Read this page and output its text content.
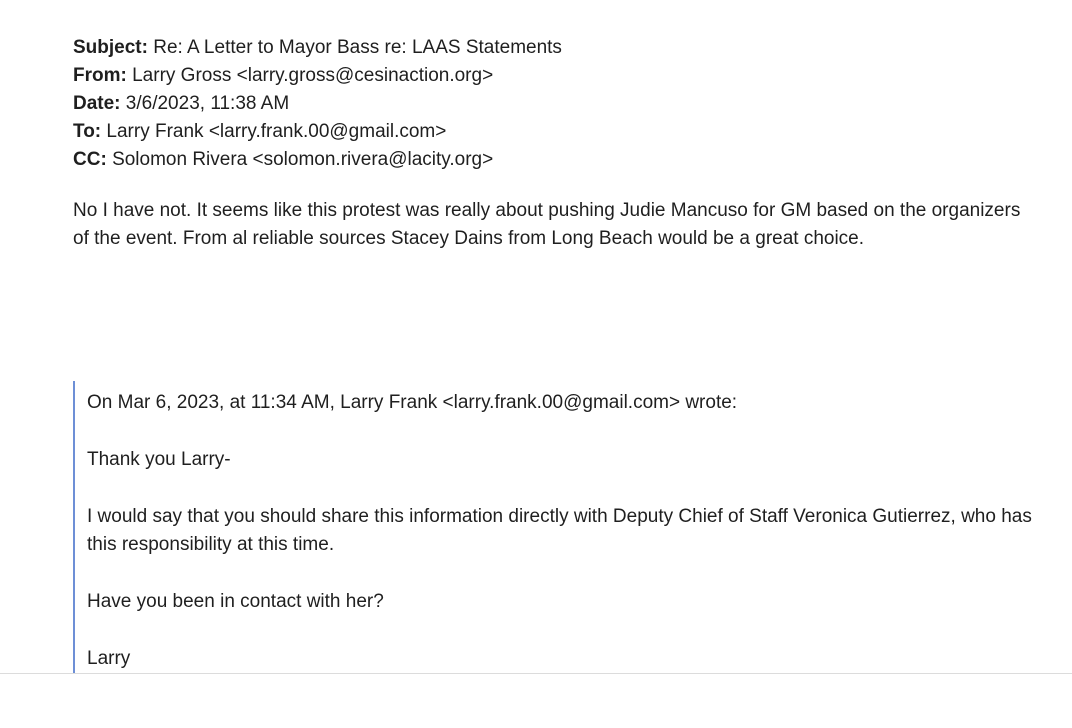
Subject: Re: A Letter to Mayor Bass re: LAAS Statements
From: Larry Gross <larry.gross@cesinaction.org>
Date: 3/6/2023, 11:38 AM
To: Larry Frank <larry.frank.00@gmail.com>
CC: Solomon Rivera <solomon.rivera@lacity.org>
No I have not. It seems like this protest was really about pushing Judie Mancuso for GM based on the organizers of the event. From al reliable sources Stacey Dains from Long Beach would be a great choice.

On Mar 6, 2023, at 11:34 AM, Larry Frank <larry.frank.00@gmail.com> wrote:

Thank you Larry-

I would say that you should share this information directly with Deputy Chief of Staff Veronica Gutierrez, who has this responsibility at this time.

Have you been in contact with her?

Larry
